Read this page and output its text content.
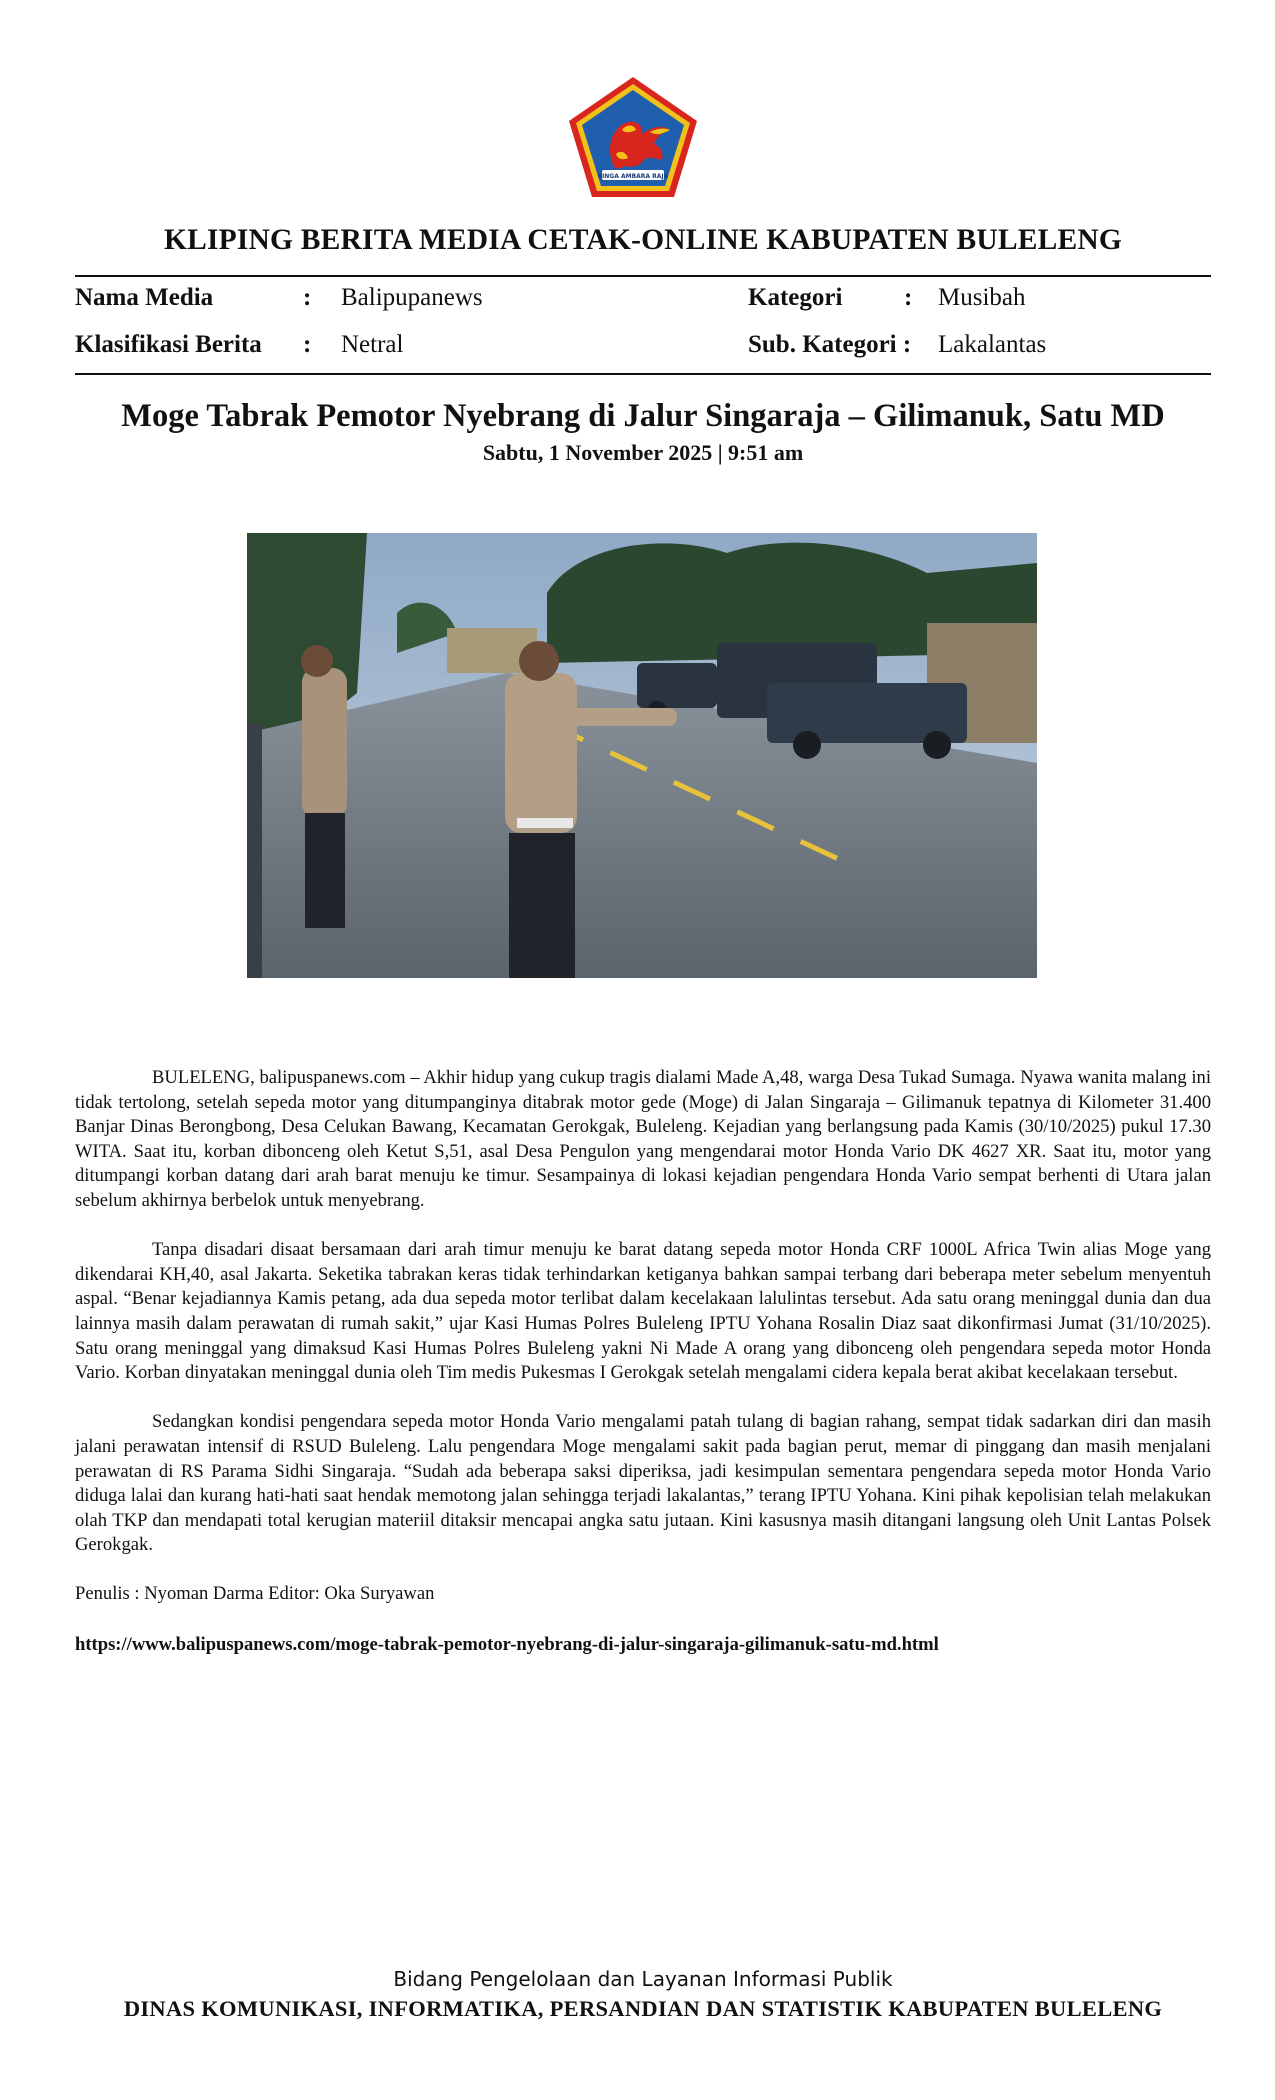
SINGA AMBARA RAJA
KLIPING BERITA MEDIA CETAK-ONLINE KABUPATEN BULELENG
Nama Media	: Balipupanews	Kategori : Musibah
Klasifikasi Berita : Netral	Sub. Kategori : Lakalantas
Moge Tabrak Pemotor Nyebrang di Jalur Singaraja – Gilimanuk, Satu MD
Sabtu, 1 November 2025 | 9:51 am

BULELENG, balipuspanews.com – Akhir hidup yang cukup tragis dialami Made A,48, warga Desa Tukad Sumaga. Nyawa wanita malang ini tidak tertolong, setelah sepeda motor yang ditumpanginya ditabrak motor gede (Moge) di Jalan Singaraja – Gilimanuk tepatnya di Kilometer 31.400 Banjar Dinas Berongbong, Desa Celukan Bawang, Kecamatan Gerokgak, Buleleng. Kejadian yang berlangsung pada Kamis (30/10/2025) pukul 17.30 WITA. Saat itu, korban dibonceng oleh Ketut S,51, asal Desa Pengulon yang mengendarai motor Honda Vario DK 4627 XR. Saat itu, motor yang ditumpangi korban datang dari arah barat menuju ke timur. Sesampainya di lokasi kejadian pengendara Honda Vario sempat berhenti di Utara jalan sebelum akhirnya berbelok untuk menyebrang.

Tanpa disadari disaat bersamaan dari arah timur menuju ke barat datang sepeda motor Honda CRF 1000L Africa Twin alias Moge yang dikendarai KH,40, asal Jakarta. Seketika tabrakan keras tidak terhindarkan ketiganya bahkan sampai terbang dari beberapa meter sebelum menyentuh aspal. “Benar kejadiannya Kamis petang, ada dua sepeda motor terlibat dalam kecelakaan lalulintas tersebut. Ada satu orang meninggal dunia dan dua lainnya masih dalam perawatan di rumah sakit,” ujar Kasi Humas Polres Buleleng IPTU Yohana Rosalin Diaz saat dikonfirmasi Jumat (31/10/2025). Satu orang meninggal yang dimaksud Kasi Humas Polres Buleleng yakni Ni Made A orang yang dibonceng oleh pengendara sepeda motor Honda Vario. Korban dinyatakan meninggal dunia oleh Tim medis Pukesmas I Gerokgak setelah mengalami cidera kepala berat akibat kecelakaan tersebut.

Sedangkan kondisi pengendara sepeda motor Honda Vario mengalami patah tulang di bagian rahang, sempat tidak sadarkan diri dan masih jalani perawatan intensif di RSUD Buleleng. Lalu pengendara Moge mengalami sakit pada bagian perut, memar di pinggang dan masih menjalani perawatan di RS Parama Sidhi Singaraja. “Sudah ada beberapa saksi diperiksa, jadi kesimpulan sementara pengendara sepeda motor Honda Vario diduga lalai dan kurang hati-hati saat hendak memotong jalan sehingga terjadi lakalantas,” terang IPTU Yohana. Kini pihak kepolisian telah melakukan olah TKP dan mendapati total kerugian materiil ditaksir mencapai angka satu jutaan. Kini kasusnya masih ditangani langsung oleh Unit Lantas Polsek Gerokgak.

Penulis : Nyoman Darma Editor: Oka Suryawan
https://www.balipuspanews.com/moge-tabrak-pemotor-nyebrang-di-jalur-singaraja-gilimanuk-satu-md.html
Bidang Pengelolaan dan Layanan Informasi Publik
DINAS KOMUNIKASI, INFORMATIKA, PERSANDIAN DAN STATISTIK KABUPATEN BULELENG
